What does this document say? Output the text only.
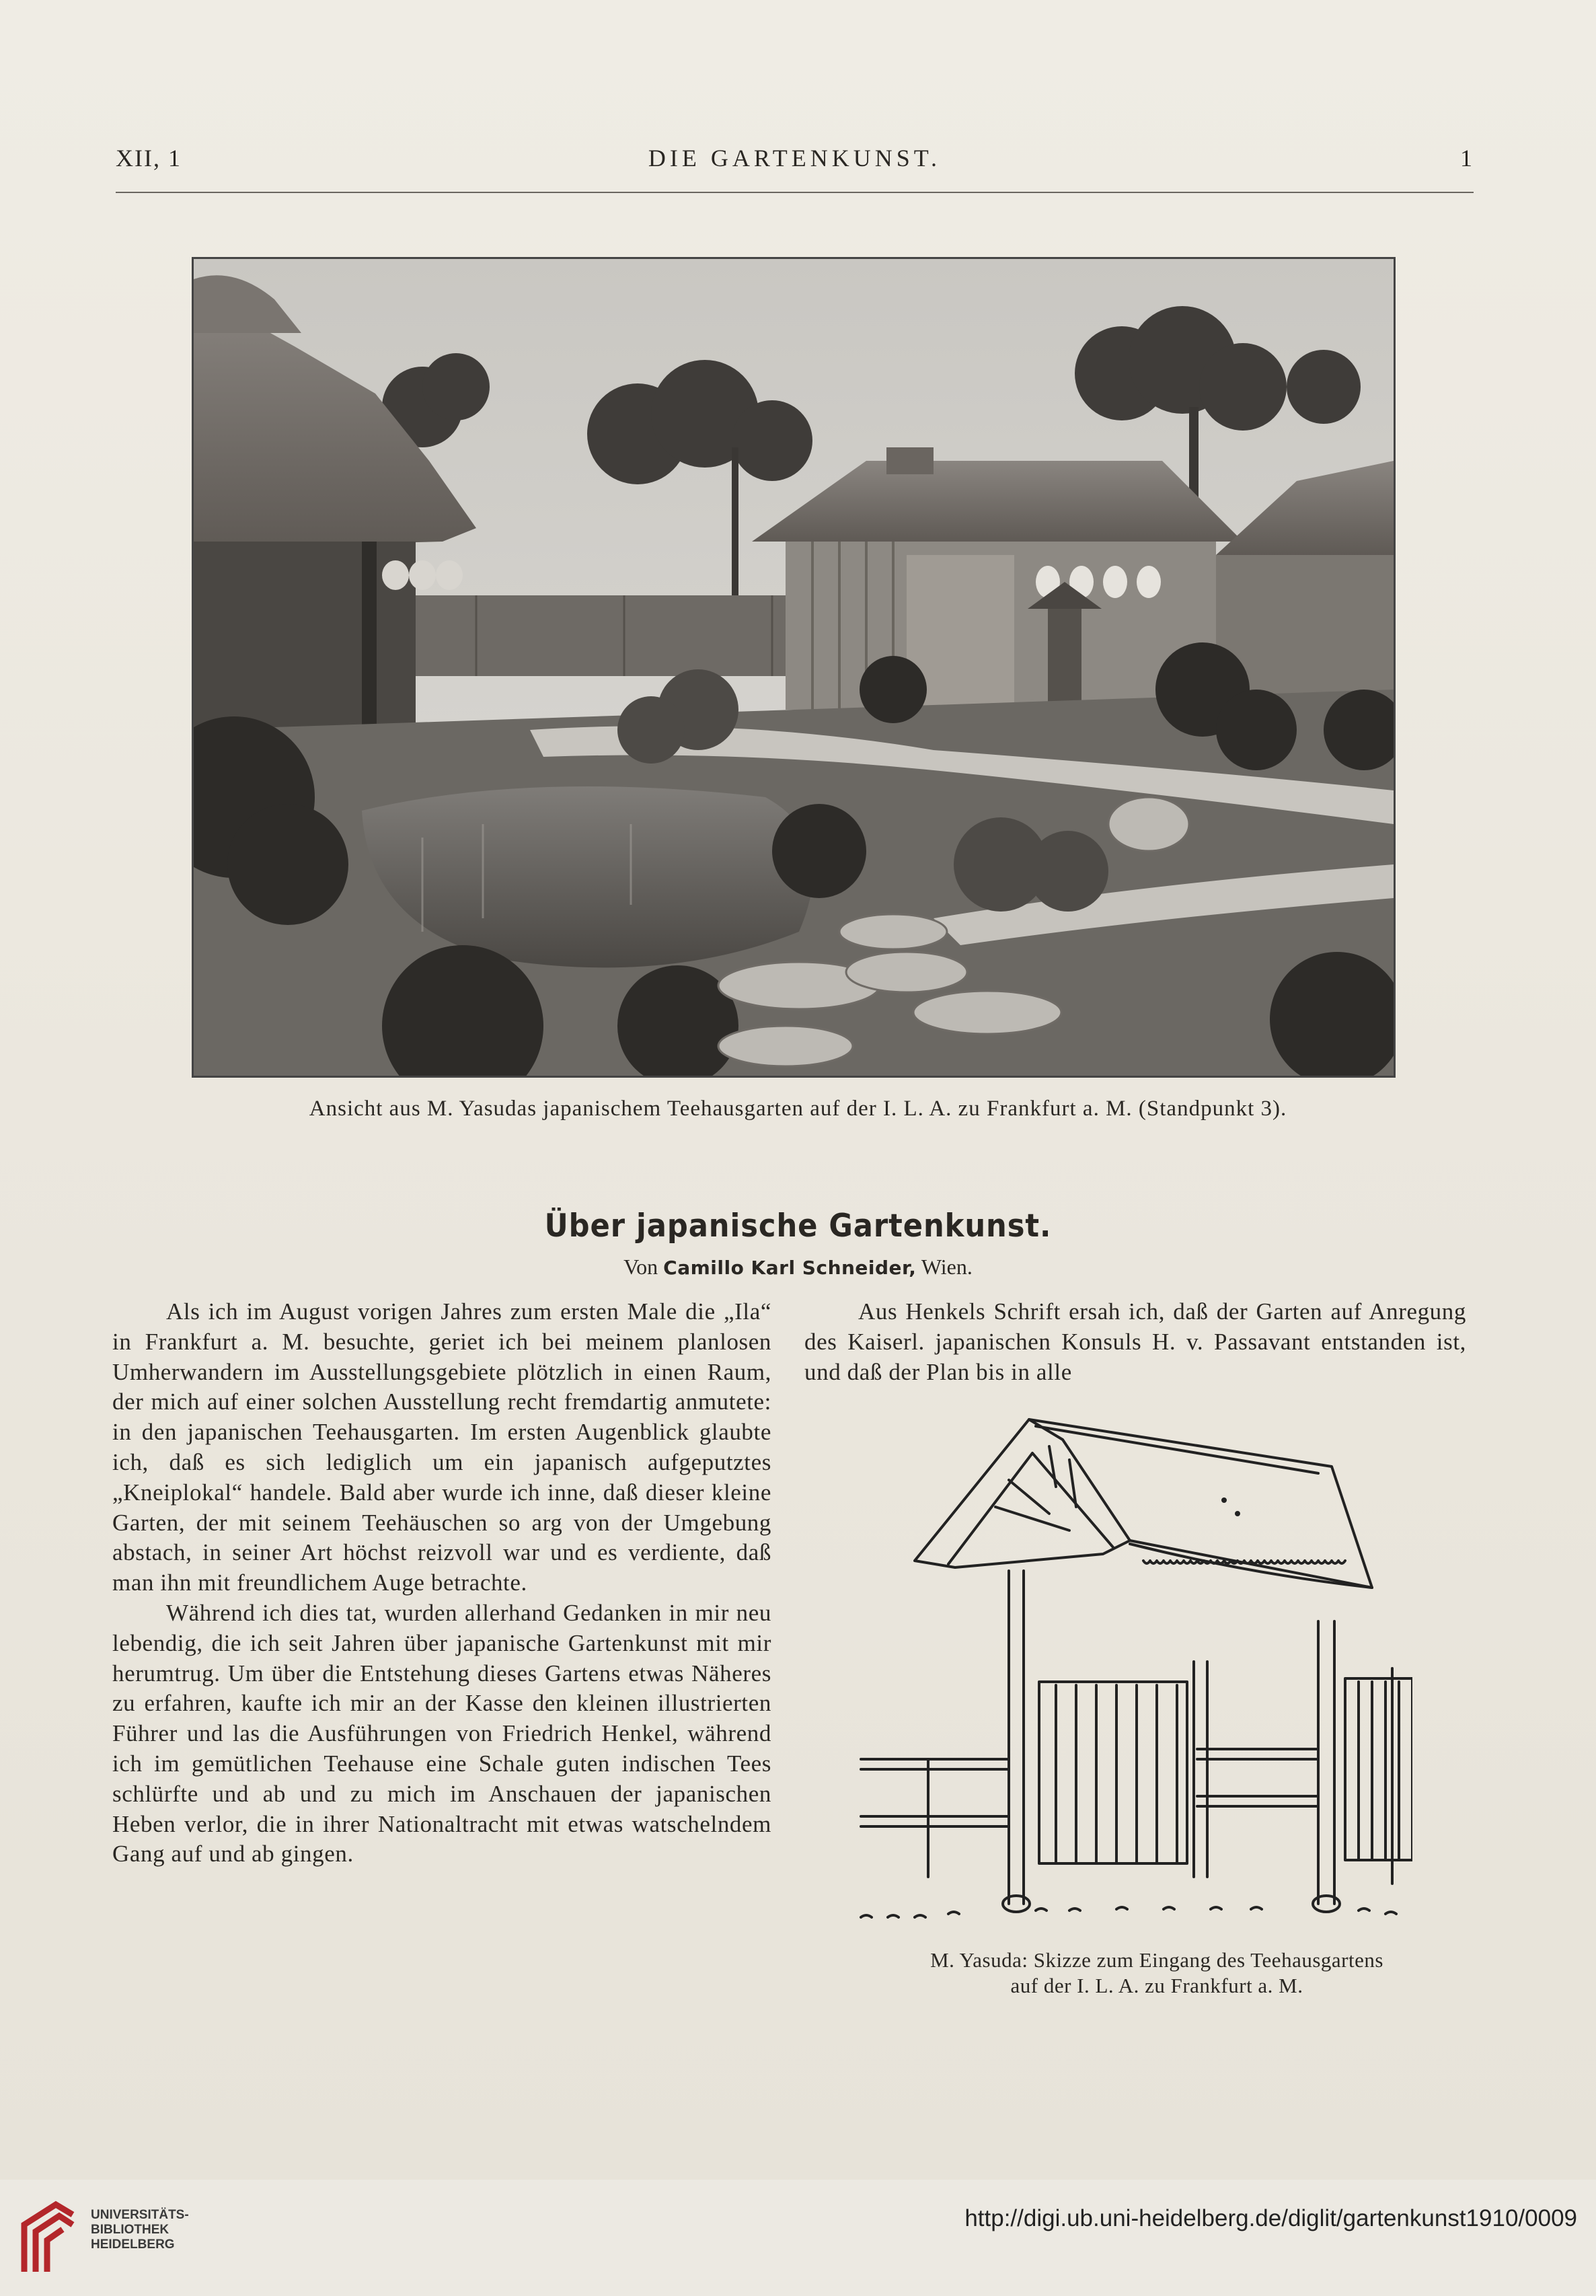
XII, 1	DIE GARTENKUNST.	1
Ansicht aus M. Yasudas japanischem Teehausgarten auf der I. L. A. zu Frankfurt a. M. (Standpunkt 3).
Über japanische Gartenkunst.
Von Camillo Karl Schneider, Wien.

Als ich im August vorigen Jahres zum ersten Male die „Ila“ in Frankfurt a. M. besuchte, geriet ich bei meinem planlosen Umherwandern im Ausstellungsgebiete plötzlich in einen Raum, der mich auf einer solchen Ausstellung recht fremdartig anmutete: in den japanischen Teehausgarten. Im ersten Augenblick glaubte ich, daß es sich lediglich um ein japanisch aufgeputztes „Kneiplokal“ handele. Bald aber wurde ich inne, daß dieser kleine Garten, der mit seinem Teehäuschen so arg von der Umgebung abstach, in seiner Art höchst reizvoll war und es verdiente, daß man ihn mit freundlichem Auge betrachte.

Während ich dies tat, wurden allerhand Gedanken in mir neu lebendig, die ich seit Jahren über japanische Gartenkunst mit mir herumtrug. Um über die Entstehung dieses Gartens etwas Näheres zu erfahren, kaufte ich mir an der Kasse den kleinen illustrierten Führer und las die Ausführungen von Friedrich Henkel, während ich im gemütlichen Teehause eine Schale guten indischen Tees schlürfte und ab und zu mich im Anschauen der japanischen Heben verlor, die in ihrer Nationaltracht mit etwas watschelndem Gang auf und ab gingen.

Aus Henkels Schrift ersah ich, daß der Garten auf Anregung des Kaiserl. japanischen Konsuls H. v. Passavant entstanden ist, und daß der Plan bis in alle

M. Yasuda: Skizze zum Eingang des Teehausgartens
auf der I. L. A. zu Frankfurt a. M.
UNIVERSITÄTS-
BIBLIOTHEK
HEIDELBERG
http://digi.ub.uni-heidelberg.de/diglit/gartenkunst1910/0009
